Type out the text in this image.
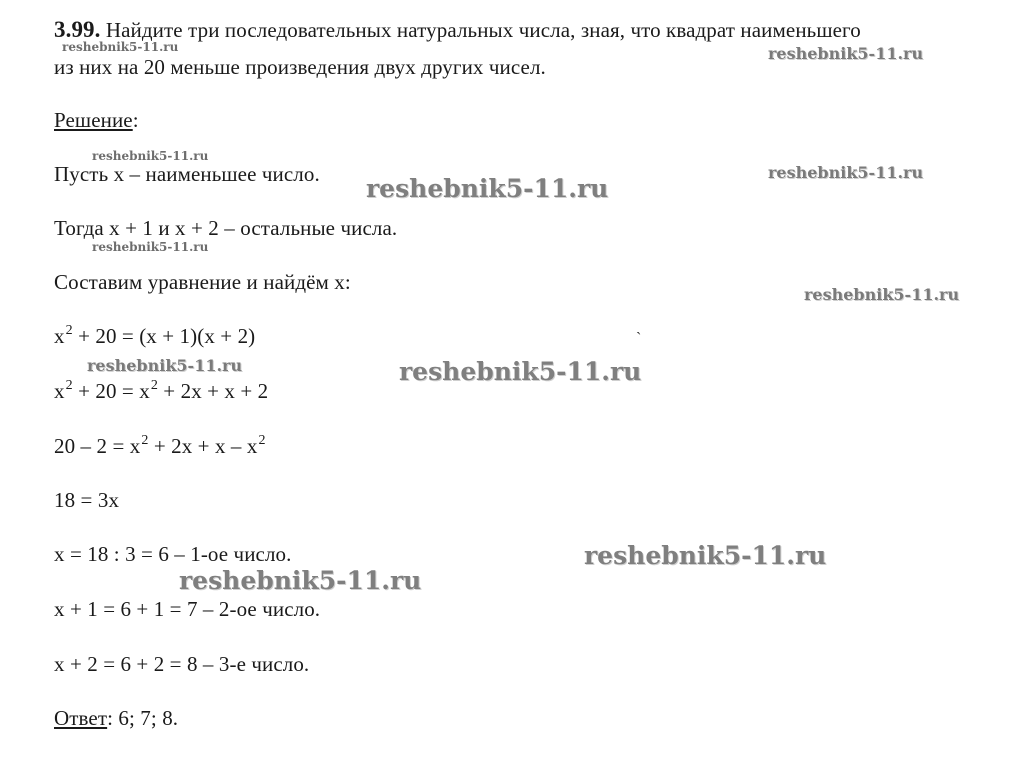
3.99. Найдите три последовательных натуральных числа, зная, что квадрат наименьшего
из них на 20 меньше произведения двух других чисел.
Решение:
Пусть x – наименьшее число.
Тогда x + 1 и x + 2 – остальные числа.
Составим уравнение и найдём x:
$x^2 + 20 = (x + 1)(x + 2)$
$x^2 + 20 = x^2 + 2x + x + 2$
$20 - 2 = x^2 + 2x + x - x^2$
18 = 3x
x = 18 : 3 = 6 – 1-ое число.
x + 1 = 6 + 1 = 7 – 2-ое число.
x + 2 = 6 + 2 = 8 – 3-е число.
Ответ: 6; 7; 8.
reshebnik5-11.ru	reshebnik5-11.ru
reshebnik5-11.ru
reshebnik5-11.ru
reshebnik5-11.ru
reshebnik5-11.ru
reshebnik5-11.ru
reshebnik5-11.ru	reshebnik5-11.ru
reshebnik5-11.ru
reshebnik5-11.ru
ˋ
